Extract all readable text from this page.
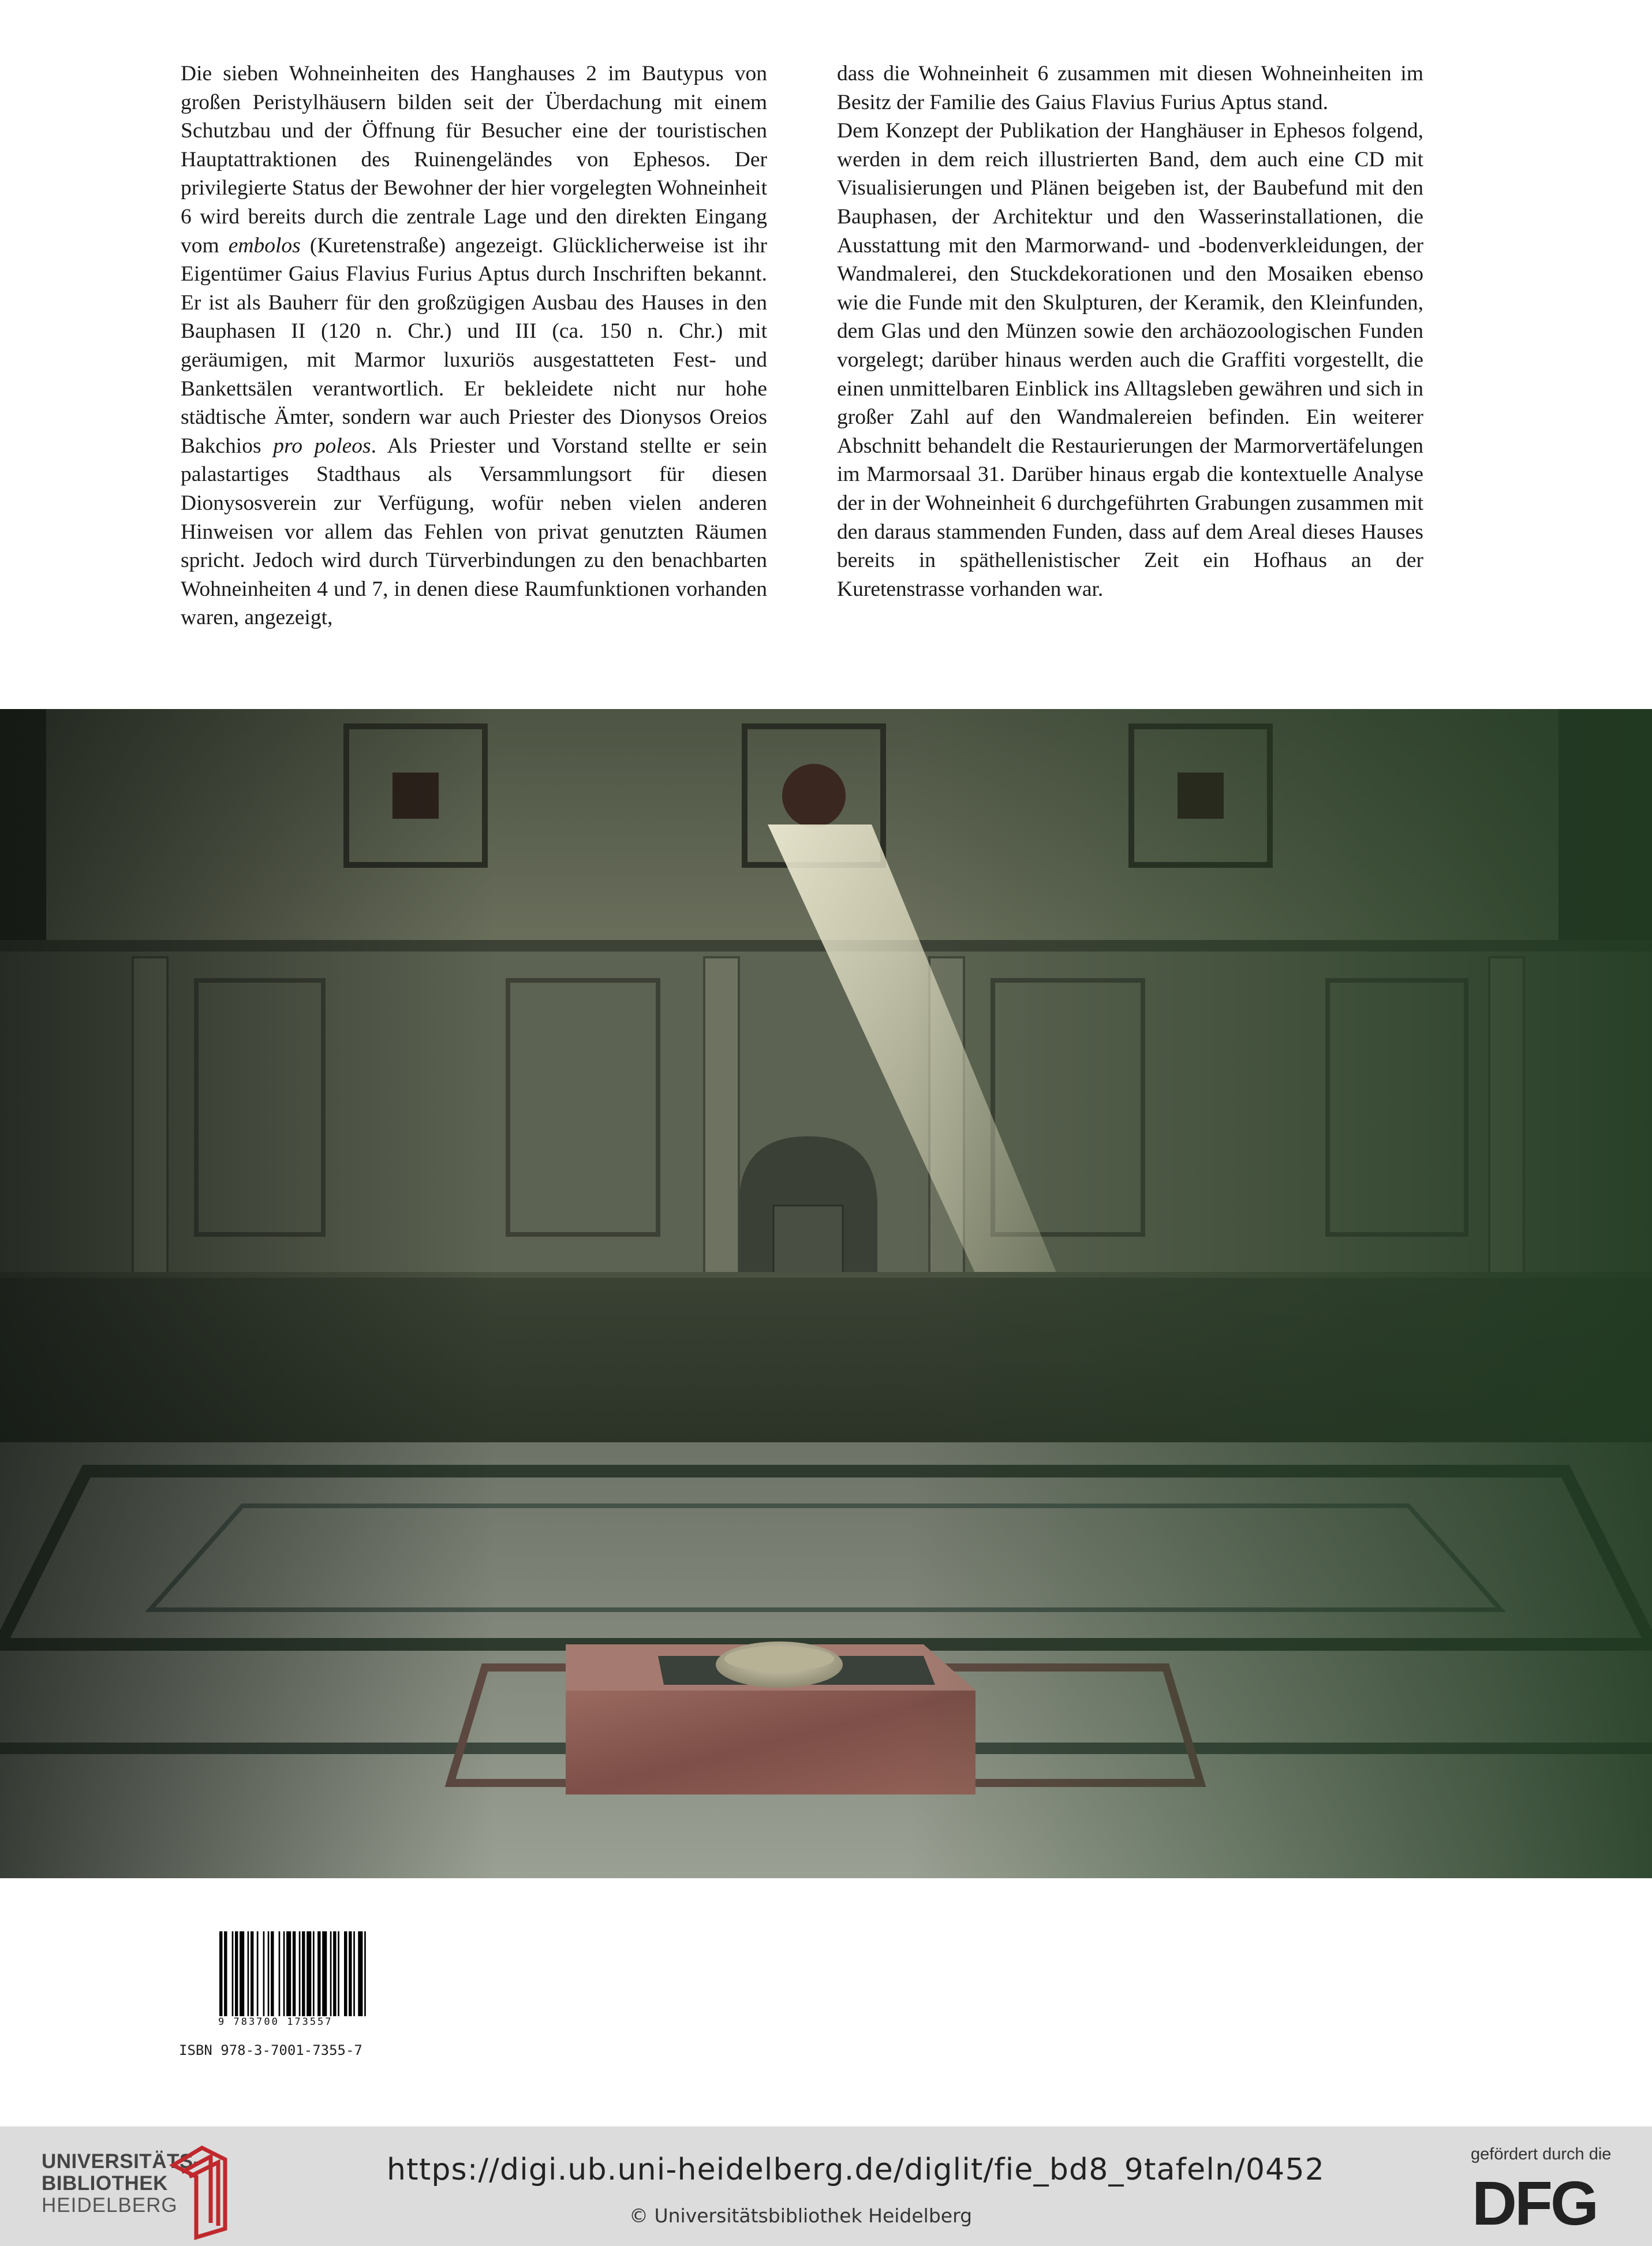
Die sieben Wohneinheiten des Hanghauses 2 im Bautypus von großen Peristylhäusern bilden seit der Überdachung mit einem Schutzbau und der Öffnung für Besucher eine der touristischen Hauptattraktionen des Ruinengeländes von Ephesos. Der privilegierte Status der Bewohner der hier vorgelegten Wohneinheit 6 wird bereits durch die zentrale Lage und den direkten Eingang vom embolos (Kuretenstraße) angezeigt. Glücklicherweise ist ihr Eigentümer Gaius Flavius Furius Aptus durch Inschriften bekannt. Er ist als Bauherr für den großzügigen Ausbau des Hauses in den Bauphasen II (120 n. Chr.) und III (ca. 150 n. Chr.) mit geräumigen, mit Marmor luxuriös ausgestatteten Fest- und Bankettsälen verantwortlich. Er bekleidete nicht nur hohe städtische Ämter, sondern war auch Priester des Dionysos Oreios Bakchios pro poleos. Als Priester und Vorstand stellte er sein palastartiges Stadthaus als Versammlungsort für diesen Dionysosverein zur Verfügung, wofür neben vielen anderen Hinweisen vor allem das Fehlen von privat genutzten Räumen spricht. Jedoch wird durch Türverbindungen zu den benachbarten Wohneinheiten 4 und 7, in denen diese Raumfunktionen vorhanden waren, angezeigt,

dass die Wohneinheit 6 zusammen mit diesen Wohneinheiten im Besitz der Familie des Gaius Flavius Furius Aptus stand.

Dem Konzept der Publikation der Hanghäuser in Ephesos folgend, werden in dem reich illustrierten Band, dem auch eine CD mit Visualisierungen und Plänen beigeben ist, der Baubefund mit den Bauphasen, der Architektur und den Wasserinstallationen, die Ausstattung mit den Marmorwand- und -bodenverkleidungen, der Wandmalerei, den Stuckdekorationen und den Mosaiken ebenso wie die Funde mit den Skulpturen, der Keramik, den Kleinfunden, dem Glas und den Münzen sowie den archäozoologischen Funden vorgelegt; darüber hinaus werden auch die Graffiti vorgestellt, die einen unmittelbaren Einblick ins Alltagsleben gewähren und sich in großer Zahl auf den Wandmalereien befinden. Ein weiterer Abschnitt behandelt die Restaurierungen der Marmorvertäfelungen im Marmorsaal 31. Darüber hinaus ergab die kontextuelle Analyse der in der Wohneinheit 6 durchgeführten Grabungen zusammen mit den daraus stammenden Funden, dass auf dem Areal dieses Hauses bereits in späthellenistischer Zeit ein Hofhaus an der Kuretenstrasse vorhanden war.

9 783700 173557
ISBN 978-3-7001-7355-7
UNIVERSITÄTS-
BIBLIOTHEK
HEIDELBERG
https://digi.ub.uni-heidelberg.de/diglit/fie_bd8_9tafeln/0452
© Universitätsbibliothek Heidelberg
gefördert durch die
DFG
